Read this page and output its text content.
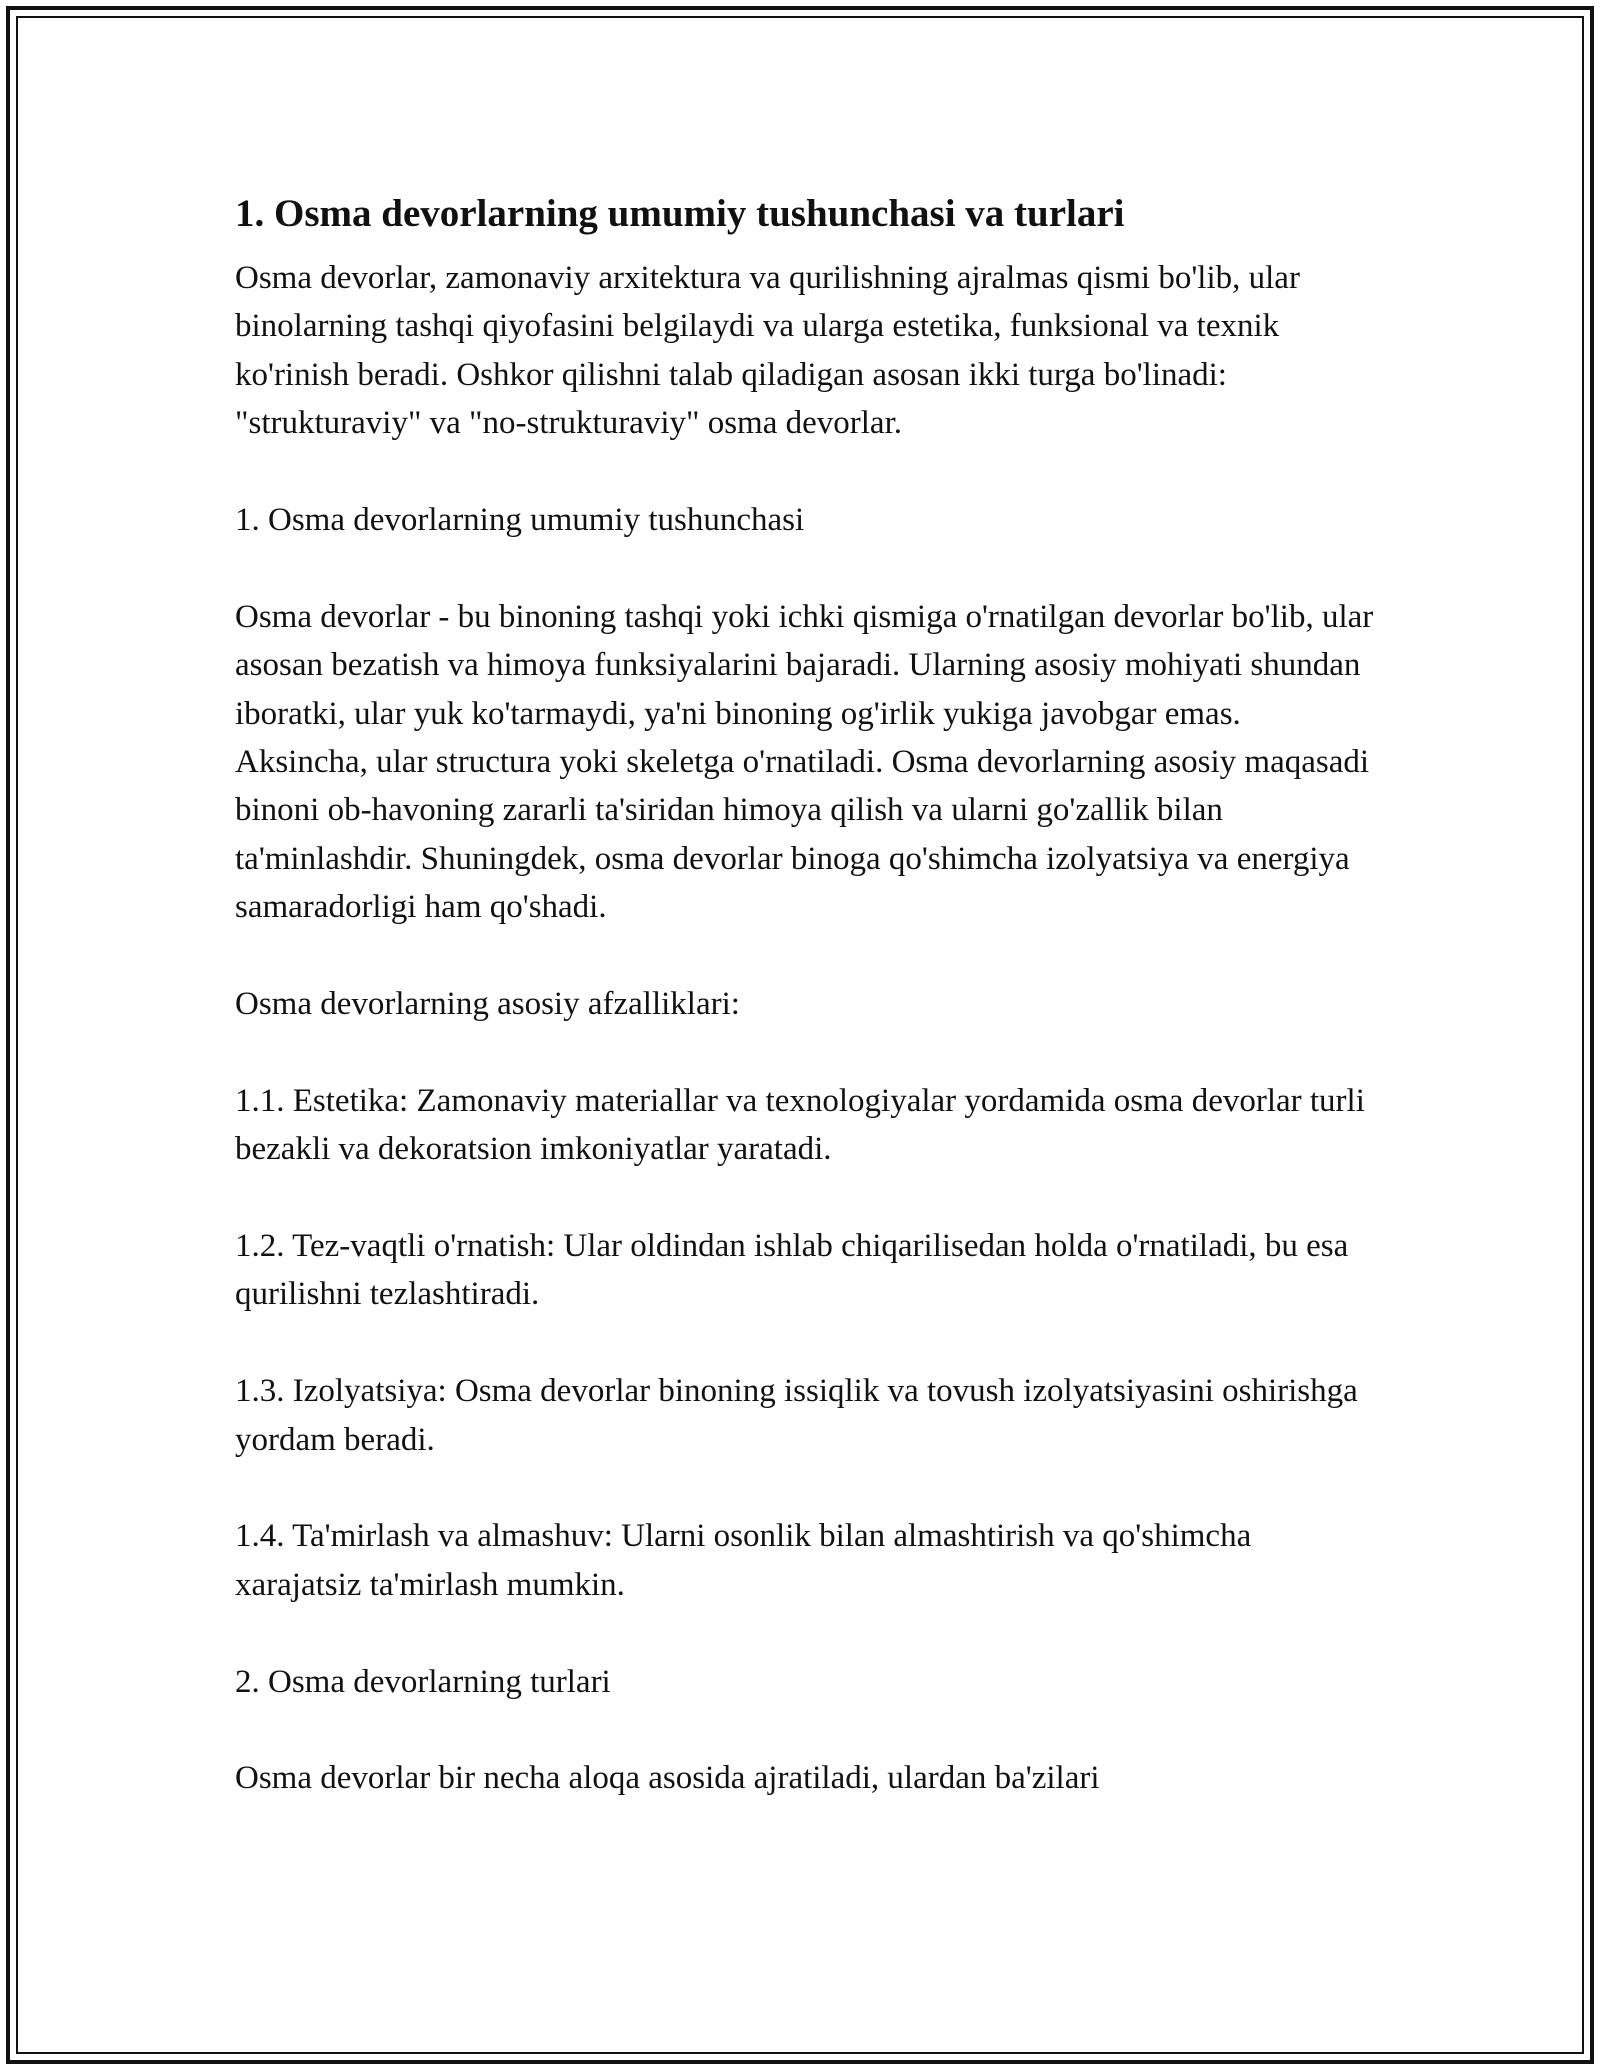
1. Osma devorlarning umumiy tushunchasi va turlari

Osma devorlar, zamonaviy arxitektura va qurilishning ajralmas qismi bo'lib, ular binolarning tashqi qiyofasini belgilaydi va ularga estetika, funksional va texnik ko'rinish beradi. Oshkor qilishni talab qiladigan asosan ikki turga bo'linadi: "strukturaviy" va "no-strukturaviy" osma devorlar.

1. Osma devorlarning umumiy tushunchasi

Osma devorlar - bu binoning tashqi yoki ichki qismiga o'rnatilgan devorlar bo'lib, ular asosan bezatish va himoya funksiyalarini bajaradi. Ularning asosiy mohiyati shundan iboratki, ular yuk ko'tarmaydi, ya'ni binoning og'irlik yukiga javobgar emas. Aksincha, ular structura yoki skeletga o'rnatiladi. Osma devorlarning asosiy maqasadi binoni ob-havoning zararli ta'siridan himoya qilish va ularni go'zallik bilan ta'minlashdir. Shuningdek, osma devorlar binoga qo'shimcha izolyatsiya va energiya samaradorligi ham qo'shadi.

Osma devorlarning asosiy afzalliklari:

1.1. Estetika: Zamonaviy materiallar va texnologiyalar yordamida osma devorlar turli bezakli va dekoratsion imkoniyatlar yaratadi.

1.2. Tez-vaqtli o'rnatish: Ular oldindan ishlab chiqarilisedan holda o'rnatiladi, bu esa qurilishni tezlashtiradi.

1.3. Izolyatsiya: Osma devorlar binoning issiqlik va tovush izolyatsiyasini oshirishga yordam beradi.

1.4. Ta'mirlash va almashuv: Ularni osonlik bilan almashtirish va qo'shimcha xarajatsiz ta'mirlash mumkin.

2. Osma devorlarning turlari

Osma devorlar bir necha aloqa asosida ajratiladi, ulardan ba'zilari
